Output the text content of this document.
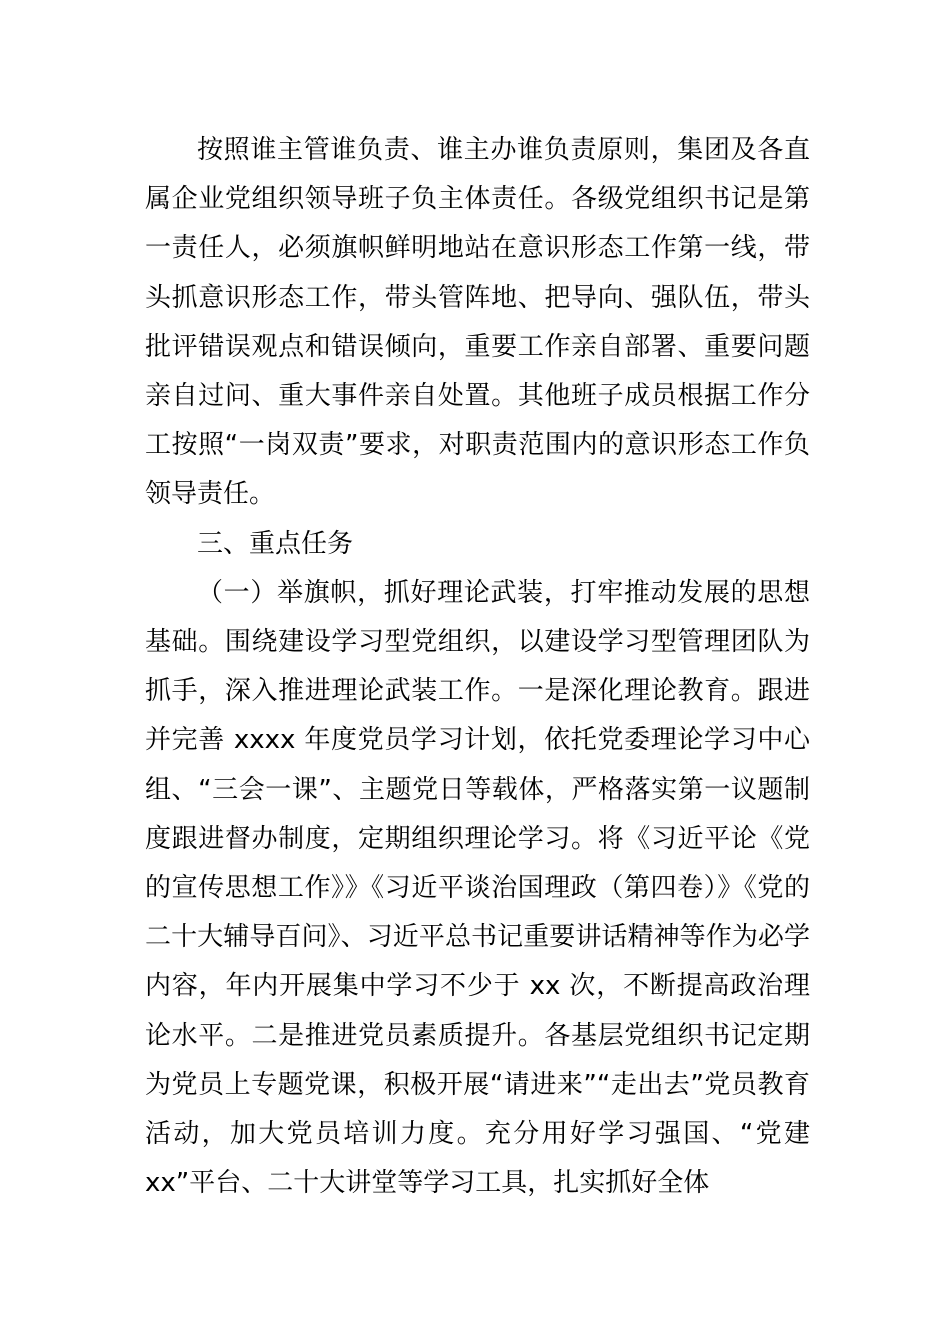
按照谁主管谁负责、谁主办谁负责原则，集团及各直属企业党组织领导班子负主体责任。各级党组织书记是第一责任人，必须旗帜鲜明地站在意识形态工作第一线，带头抓意识形态工作，带头管阵地、把导向、强队伍，带头批评错误观点和错误倾向，重要工作亲自部署、重要问题亲自过问、重大事件亲自处置。其他班子成员根据工作分工按照“一岗双责”要求，对职责范围内的意识形态工作负领导责任。

三、重点任务

（一）举旗帜，抓好理论武装，打牢推动发展的思想基础。围绕建设学习型党组织，以建设学习型管理团队为抓手，深入推进理论武装工作。一是深化理论教育。跟进并完善 xxxx 年度党员学习计划，依托党委理论学习中心组、“三会一课”、主题党日等载体，严格落实第一议题制度跟进督办制度，定期组织理论学习。将《习近平论《党的宣传思想工作》》《习近平谈治国理政（第四卷）》《党的二十大辅导百问》、习近平总书记重要讲话精神等作为必学内容，年内开展集中学习不少于 xx 次，不断提高政治理论水平。二是推进党员素质提升。各基层党组织书记定期为党员上专题党课，积极开展“请进来”“走出去”党员教育活动，加大党员培训力度。充分用好学习强国、“党建 xx”平台、二十大讲堂等学习工具，扎实抓好全体
